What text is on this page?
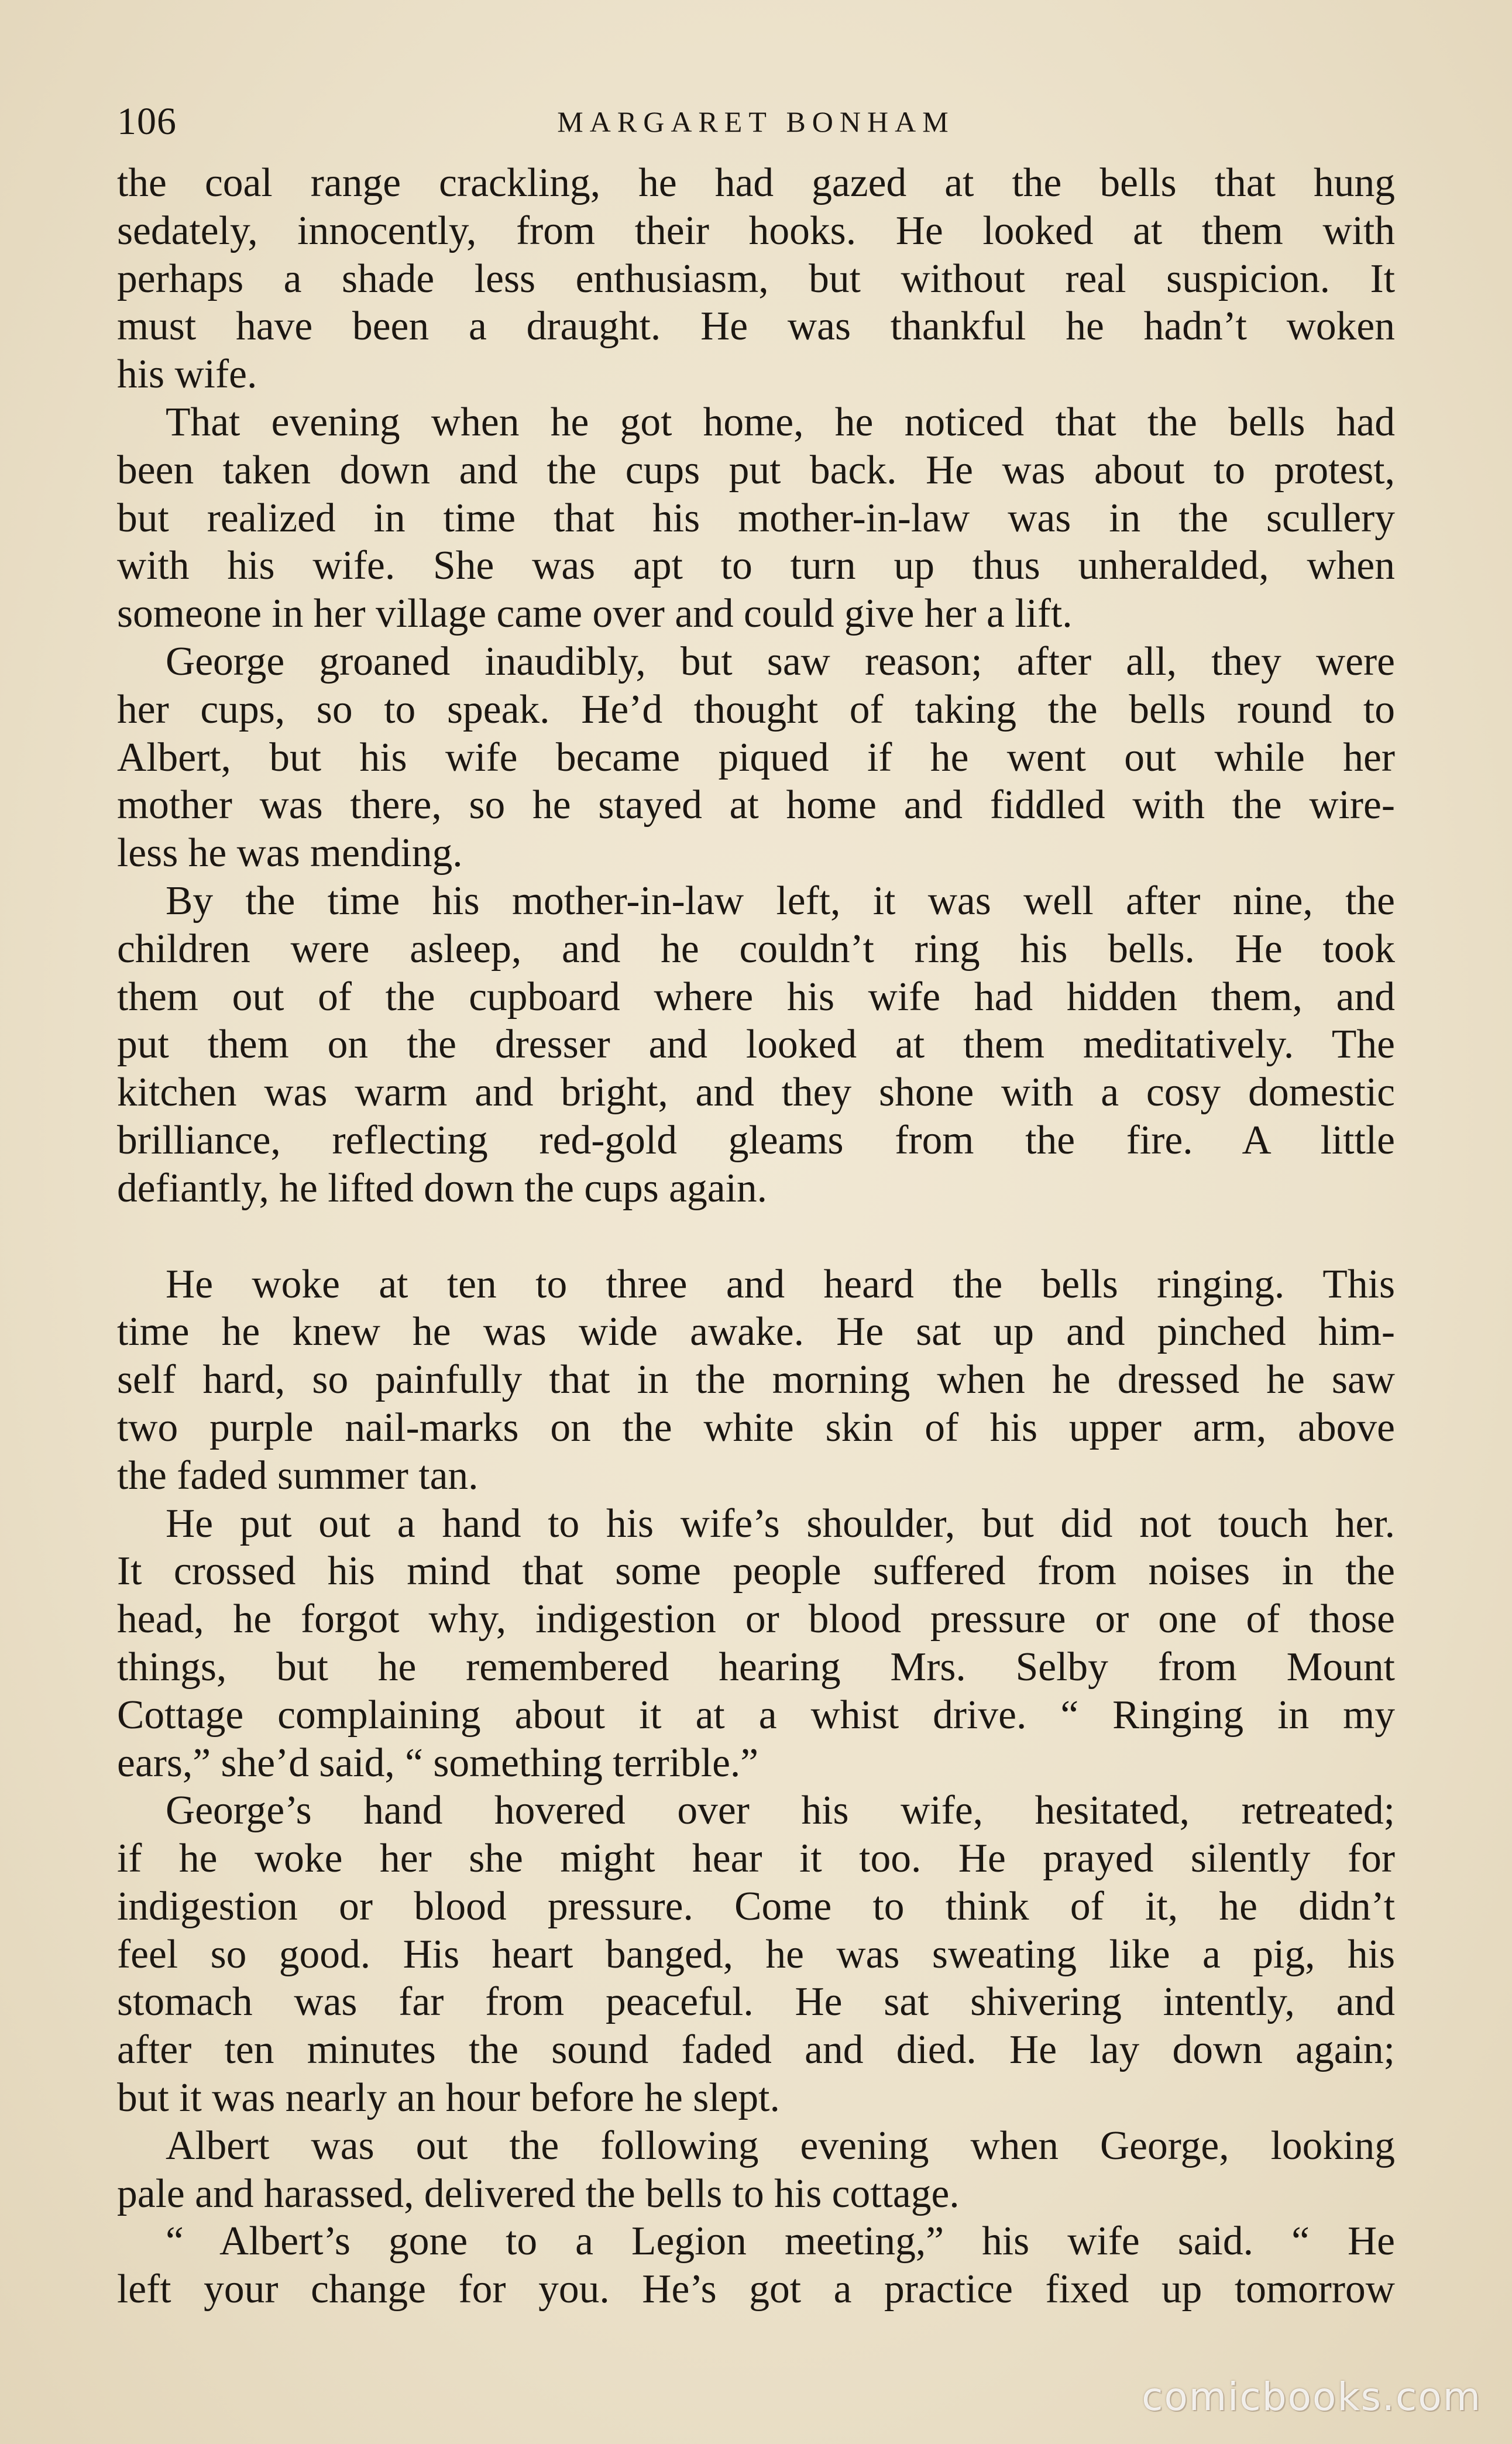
106	MARGARET BONHAM
the coal range crackling, he had gazed at the bells that hung
sedately, innocently, from their hooks. He looked at them with
perhaps a shade less enthusiasm, but without real suspicion. It
must have been a draught. He was thankful he hadn’t woken
his wife.
That evening when he got home, he noticed that the bells had
been taken down and the cups put back. He was about to protest,
but realized in time that his mother-in-law was in the scullery
with his wife. She was apt to turn up thus unheralded, when
someone in her village came over and could give her a lift.
George groaned inaudibly, but saw reason; after all, they were
her cups, so to speak. He’d thought of taking the bells round to
Albert, but his wife became piqued if he went out while her
mother was there, so he stayed at home and fiddled with the wire-
less he was mending.
By the time his mother-in-law left, it was well after nine, the
children were asleep, and he couldn’t ring his bells. He took
them out of the cupboard where his wife had hidden them, and
put them on the dresser and looked at them meditatively. The
kitchen was warm and bright, and they shone with a cosy domestic
brilliance, reflecting red-gold gleams from the fire. A little
defiantly, he lifted down the cups again.
He woke at ten to three and heard the bells ringing. This
time he knew he was wide awake. He sat up and pinched him-
self hard, so painfully that in the morning when he dressed he saw
two purple nail-marks on the white skin of his upper arm, above
the faded summer tan.
He put out a hand to his wife’s shoulder, but did not touch her.
It crossed his mind that some people suffered from noises in the
head, he forgot why, indigestion or blood pressure or one of those
things, but he remembered hearing Mrs. Selby from Mount
Cottage complaining about it at a whist drive. “ Ringing in my
ears,” she’d said, “ something terrible.”
George’s hand hovered over his wife, hesitated, retreated;
if he woke her she might hear it too. He prayed silently for
indigestion or blood pressure. Come to think of it, he didn’t
feel so good. His heart banged, he was sweating like a pig, his
stomach was far from peaceful. He sat shivering intently, and
after ten minutes the sound faded and died. He lay down again;
but it was nearly an hour before he slept.
Albert was out the following evening when George, looking
pale and harassed, delivered the bells to his cottage.
“ Albert’s gone to a Legion meeting,” his wife said. “ He
left your change for you. He’s got a practice fixed up tomorrow
comicbooks.com
